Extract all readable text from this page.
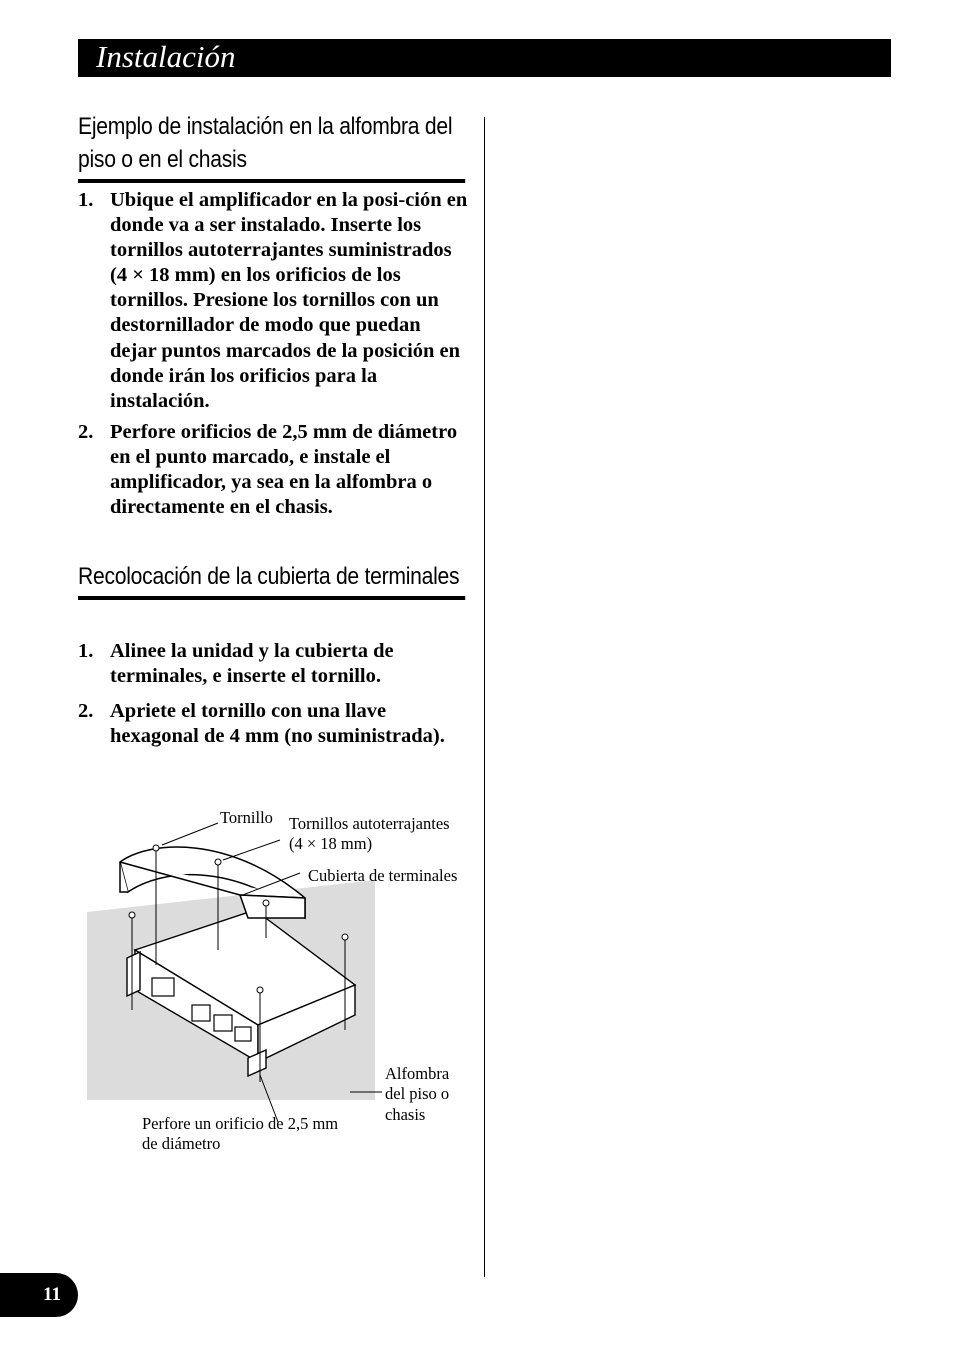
Instalación
Ejemplo de instalación en la alfombra del piso o en el chasis
1. Ubique el amplificador en la posi-ción en donde va a ser instalado. Inserte los tornillos autoterrajantes suministrados (4 × 18 mm) en los orificios de los tornillos. Presione los tornillos con un destornillador de modo que puedan dejar puntos marcados de la posición en donde irán los orificios para la instalación.
2. Perfore orificios de 2,5 mm de diámetro en el punto marcado, e instale el amplificador, ya sea en la alfombra o directamente en el chasis.
Recolocación de la cubierta de terminales
1. Alinee la unidad y la cubierta de terminales, e inserte el tornillo.
2. Apriete el tornillo con una llave hexagonal de 4 mm (no suministrada).
Tornillo Tornillos autoterrajantes
(4 × 18 mm)
Cubierta de terminales
Alfombra
del piso o
chasis
Perfore un orificio de 2,5 mm
de diámetro
11
